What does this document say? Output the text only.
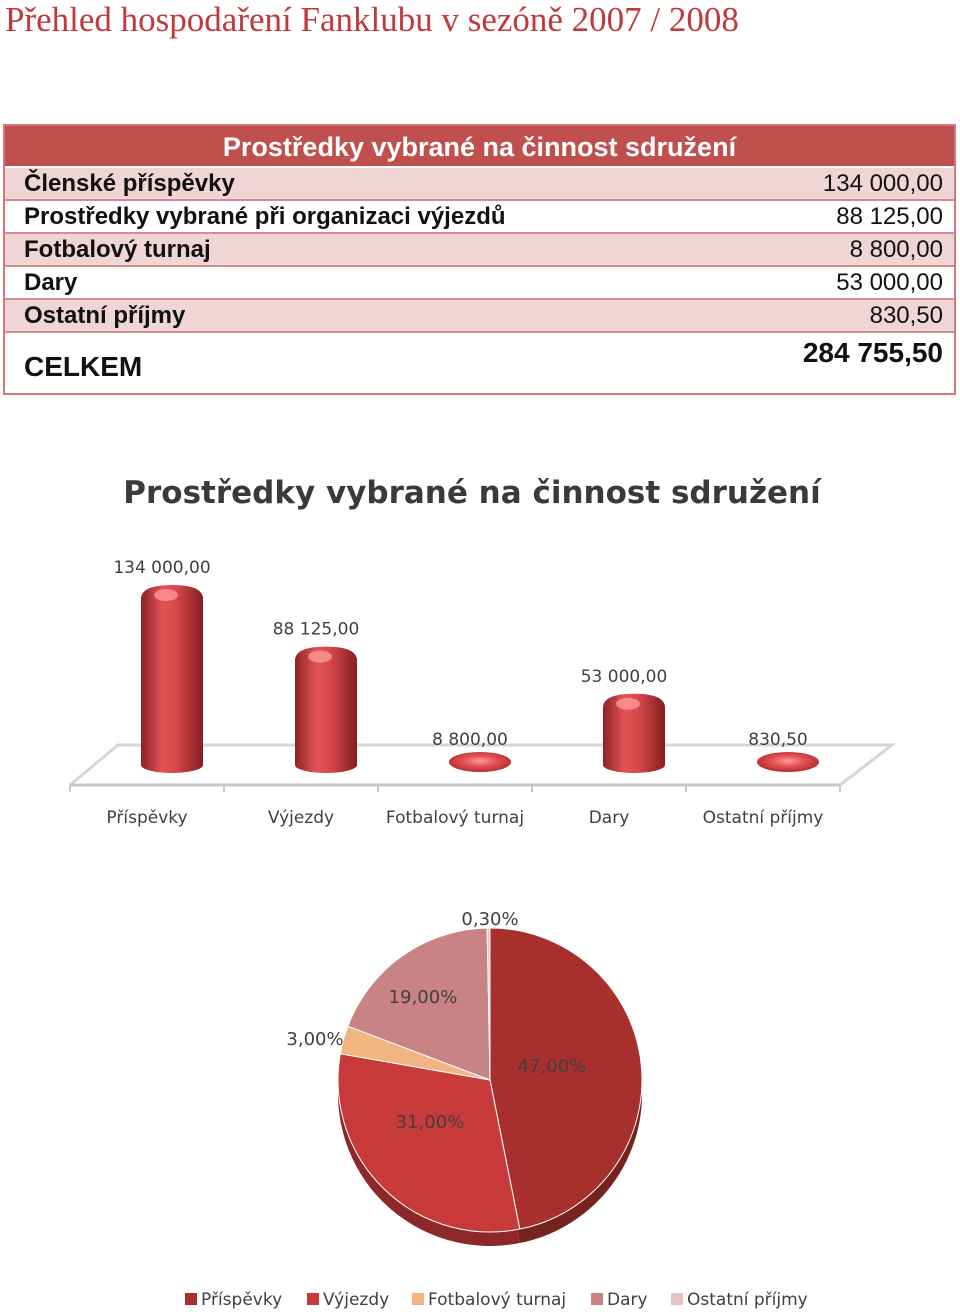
Přehled hospodaření Fanklubu v sezóně 2007 / 2008
Prostředky vybrané na činnost sdružení
Členské příspěvky	134 000,00
Prostředky vybrané při organizaci výjezdů	88 125,00
Fotbalový turnaj	8 800,00
Dary	53 000,00
Ostatní příjmy	830,50
CELKEM	284 755,50
Prostředky vybrané na činnost sdružení
134 000,00
Příspěvky
88 125,00
Výjezdy
8 800,00
Fotbalový turnaj
53 000,00
Dary
830,50
Ostatní příjmy
47,00%
31,00%
3,00%
19,00%
0,30%
Příspěvky Výjezdy Fotbalový turnaj Dary Ostatní příjmy
